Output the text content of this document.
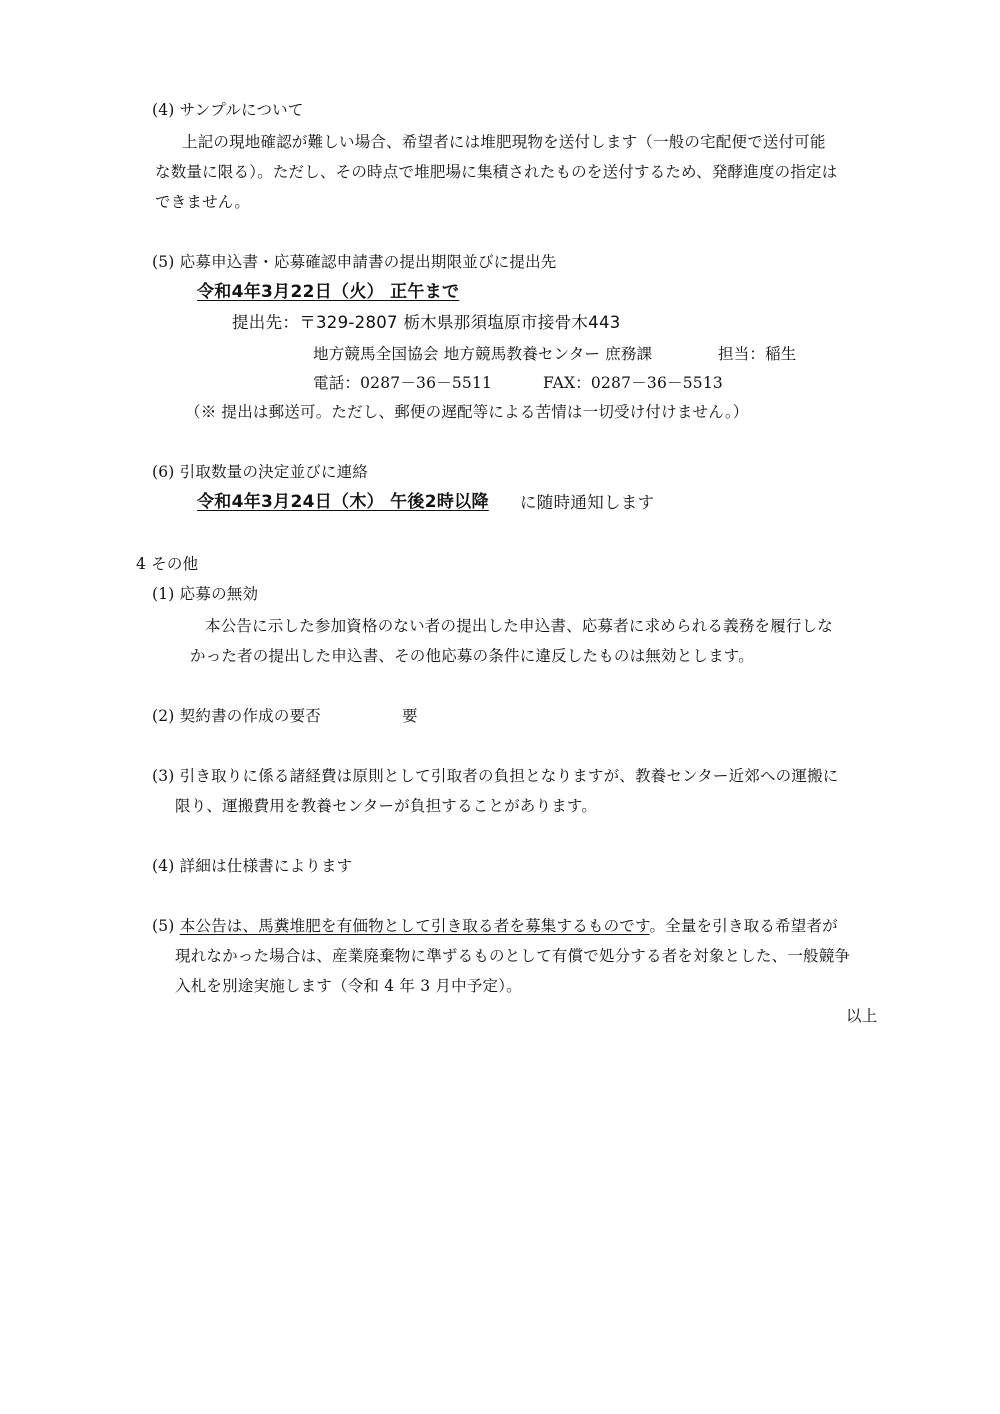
(4) サンプルについて
上記の現地確認が難しい場合、希望者には堆肥現物を送付します（一般の宅配便で送付可能
な数量に限る）。ただし、その時点で堆肥場に集積されたものを送付するため、発酵進度の指定は
できません。
(5) 応募申込書・応募確認申請書の提出期限並びに提出先
令和4年3月22日（火） 正午まで
提出先：〒329-2807 栃木県那須塩原市接骨木443
地方競馬全国協会 地方競馬教養センター 庶務課	担当：稲生
電話：0287－36－5511	FAX：0287－36－5513
（※ 提出は郵送可。ただし、郵便の遅配等による苦情は一切受け付けません。）
(6) 引取数量の決定並びに連絡
令和4年3月24日（木） 午後2時以降 に随時通知します
4 その他
(1) 応募の無効
本公告に示した参加資格のない者の提出した申込書、応募者に求められる義務を履行しな
かった者の提出した申込書、その他応募の条件に違反したものは無効とします。
(2) 契約書の作成の要否	要
(3) 引き取りに係る諸経費は原則として引取者の負担となりますが、教養センター近郊への運搬に
限り、運搬費用を教養センターが負担することがあります。
(4) 詳細は仕様書によります
(5) 本公告は、馬糞堆肥を有価物として引き取る者を募集するものです。全量を引き取る希望者が
現れなかった場合は、産業廃棄物に準ずるものとして有償で処分する者を対象とした、一般競争
入札を別途実施します（令和 4 年 3 月中予定）。
以上
